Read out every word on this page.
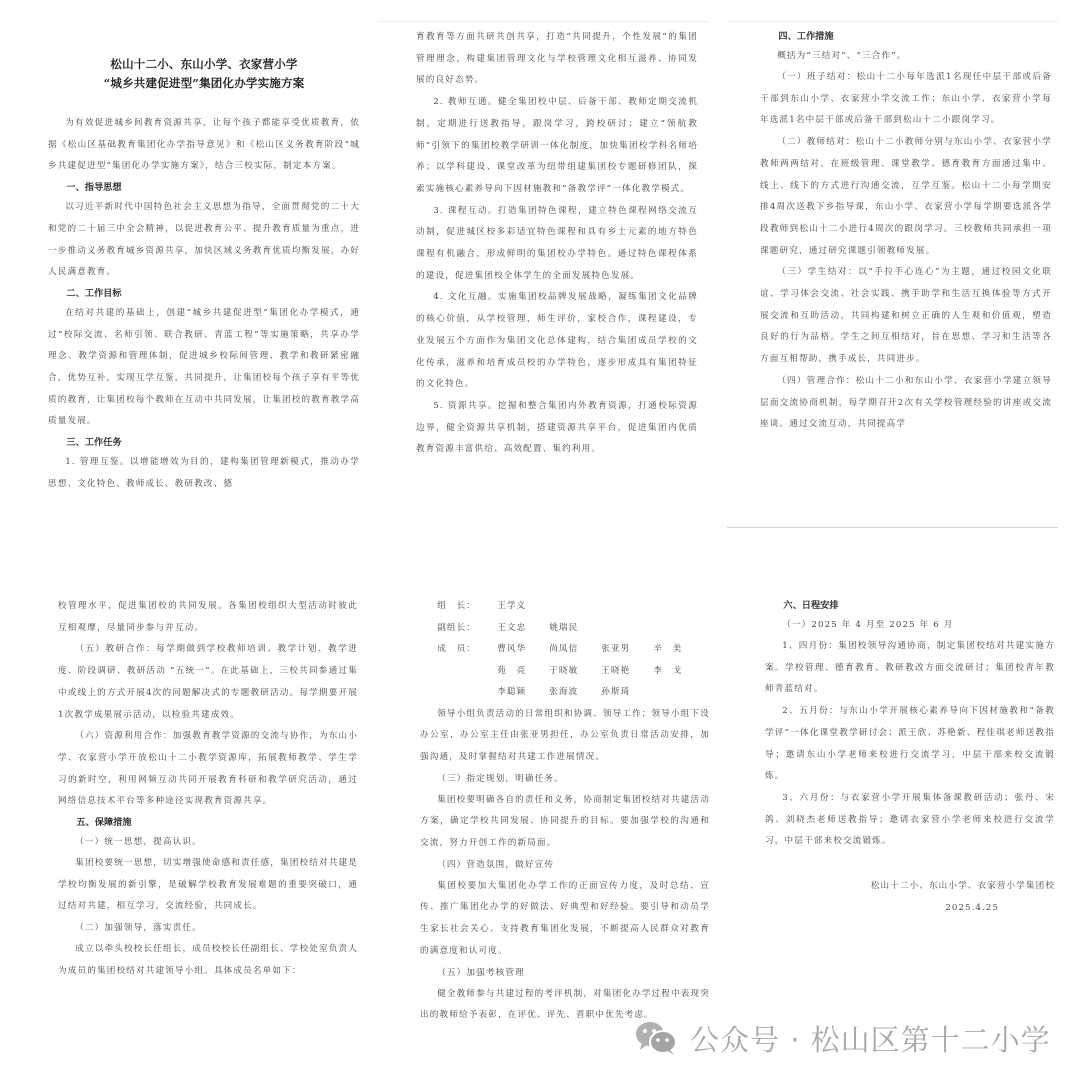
松山十二小、东山小学、衣家营小学
“城乡共建促进型”集团化办学实施方案

为有效促进城乡间教育资源共享，让每个孩子都能享受优质教育，依据《松山区基础教育集团化办学指导意见》和《松山区义务教育阶段“城乡共建促进型”集团化办学实施方案》，结合三校实际，制定本方案。

一、指导思想

以习近平新时代中国特色社会主义思想为指导，全面贯彻党的二十大和党的二十届三中全会精神，以促进教育公平、提升教育质量为重点，进一步推动义务教育城乡资源共享，加快区域义务教育优质均衡发展，办好人民满意教育。

二、工作目标

在结对共建的基础上，创建“城乡共建促进型”集团化办学模式，通过“校际交流、名师引领、联合教研、青蓝工程”等实施策略，共享办学理念、教学资源和管理体制，促进城乡校际间管理、教学和教研紧密融合，优势互补，实现互学互鉴，共同提升，让集团校每个孩子享有平等优质的教育，让集团校每个教师在互动中共同发展，让集团校的教育教学高质量发展。

三、工作任务

1. 管理互鉴。以增能增效为目的，建构集团管理新模式，推动办学思想、文化特色、教师成长、教研教改、德

育教育等方面共研共创共享，打造“共同提升，个性发展”的集团管理理念，构建集团管理文化与学校管理文化相互滋养、协同发展的良好态势。

2. 教师互通。健全集团校中层、后备干部、教师定期交流机制，定期进行送教指导，跟岗学习，跨校研讨；建立“领航教师”引领下的集团校教学研训一体化制度，加快集团校学科名师培养；以学科建设、课堂改革为纽带组建集团校专题研修团队，探索实施核心素养导向下因材施教和“备教学评”一体化教学模式。

3. 课程互动。打造集团特色课程，建立特色课程网络交流互动制，促进城区校多彩适宜特色课程和具有乡土元素的地方特色课程有机融合，形成鲜明的集团校办学特色。通过特色课程体系的建设，促进集团校全体学生的全面发展特色发展。

4. 文化互融。实施集团校品牌发展战略，凝练集团文化品牌的核心价值，从学校管理，师生评价，家校合作，课程建设，专业发展五个方面作为集团文化总体建构，结合集团成员学校的文化传承，滋养和培育成员校的办学特色，逐步形成具有集团特征的文化特色。

5. 资源共享。挖掘和整合集团内外教育资源，打通校际资源边界，健全资源共享机制，搭建资源共享平台，促进集团内优质教育资源丰富供给、高效配置、集约利用。

四、工作措施

概括为“三结对”、“三合作”。

（一）班子结对：松山十二小每年选派1名现任中层干部或后备干部到东山小学、衣家营小学交流工作；东山小学、衣家营小学每年选派1名中层干部或后备干部到松山十二小跟岗学习。

（二）教师结对：松山十二小教师分别与东山小学、衣家营小学教师两两结对，在班级管理、课堂教学、德育教育方面通过集中、线上、线下的方式进行沟通交流，互学互鉴。松山十二小每学期安排4周次送教下乡指导课，东山小学、衣家营小学每学期要选派各学段教师到松山十二小进行4周次的跟岗学习。三校教师共同承担一项课题研究，通过研究课题引领教师发展。

（三）学生结对：以“手拉手心连心”为主题，通过校园文化联谊、学习体会交流、社会实践、携手助学和生活互换体验等方式开展交流和互助活动，共同构建和树立正确的人生观和价值观，塑造良好的行为品格。学生之间互相结对，旨在思想、学习和生活等各方面互相帮助，携手成长，共同进步。

（四）管理合作：松山十二小和东山小学、衣家营小学建立领导层面交流协商机制，每学期召开2次有关学校管理经验的讲座或交流座谈。通过交流互动，共同提高学

校管理水平，促进集团校的共同发展。各集团校组织大型活动时彼此互相观摩，尽量同步参与并互动。

（五）教研合作：每学期做到学校教师培训、教学计划、教学进度、阶段调研、教研活动 “五统一”。在此基础上，三校共同参通过集中或线上的方式开展4次的问题解决式的专题教研活动。每学期要开展1次教学成果展示活动，以检验共建成效。

（六）资源利用合作：加强教育教学资源的交流与协作，为东山小学、衣家营小学开放松山十二小教学资源库，拓展教师教学、学生学习的新时空，利用网频互动共同开展教育科研和教学研究活动，通过网络信息技术平台等多种途径实现教育资源共享。

五、保障措施

（一）统一思想，提高认识。

集团校要统一思想，切实增强使命感和责任感，集团校结对共建是学校均衡发展的新引擎，是破解学校教育发展难题的重要突破口，通过结对共建，相互学习，交流经验，共同成长。

（二）加强领导，落实责任。

成立以牵头校校长任组长，成员校校长任副组长、学校处室负责人为成员的集团校结对共建领导小组。具体成员名单如下：

组　长：	王学义
副组长：	王文忠	姚瑞民
成　员：	曹风华	尚凤信	张亚男	辛　美
苑　亮	于晓敏	王晓艳	李　戈
李聪颖	张海波	孙斯琦

领导小组负责活动的日常组织和协调、领导工作；领导小组下设办公室，办公室主任由张亚男担任，办公室负责日常活动安排，加强沟通，及时掌握结对共建工作进展情况。

（三）指定规划，明确任务。

集团校要明确各自的责任和义务，协商制定集团校结对共建活动方案，确定学校共同发展、协同提升的目标。要加强学校的沟通和交流，努力开创工作的新局面。

（四）营造氛围，做好宣传

集团校要加大集团化办学工作的正面宣传力度，及时总结、宣传、推广集团化办学的好做法、好典型和好经验。要引导和动员学生家长社会关心、支持教育集团化发展，不断提高人民群众对教育的满意度和认可度。

（五）加强考核管理

健全教师参与共建过程的考评机制，对集团化办学过程中表现突出的教师给予表彰，在评优、评先、晋职中优先考虑。

六、日程安排

（一）2025 年 4 月至 2025 年 6 月

1、四月份：集团校领导沟通协商，制定集团校结对共建实施方案。学校管理、德育教育、教研教改方面交流研讨；集团校青年教师青蓝结对。

2、五月份：与东山小学开展核心素养导向下因材施教和“备教学评”一体化课堂教学研讨会；派王欣、苏艳新、程佳琪老师送教指导；邀请东山小学老师来校进行交流学习，中层干部来校交流锻炼。

3、六月份：与衣家营小学开展集体备课教研活动；张丹、宋鸽、刘晓杰老师送教指导；邀请衣家营小学老师来校进行交流学习，中层干部来校交流锻炼。

松山十二小、东山小学、衣家营小学集团校

2025.4.25

公众号 · 松山区第十二小学
